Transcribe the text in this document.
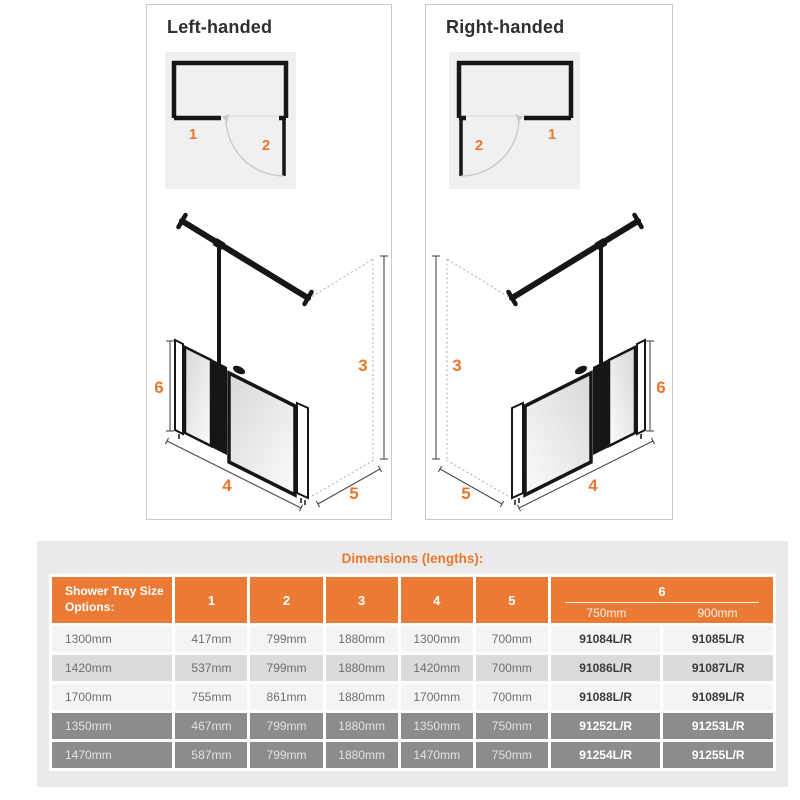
Left-handed
1
2
6
3
4	5
Right-handed
1
2
6
3
4
5
Dimensions (lengths):
Shower Tray Size Options:	1	2	3	4	5	6
750mm 900mm	

1300mm	417mm	799mm	1880mm	1300mm	700mm	91084L/R	91085L/R
1420mm	537mm	799mm	1880mm	1420mm	700mm	91086L/R	91087L/R
1700mm	755mm	861mm	1880mm	1700mm	700mm	91088L/R	91089L/R
1350mm	467mm	799mm	1880mm	1350mm	750mm	91252L/R	91253L/R
1470mm	587mm	799mm	1880mm	1470mm	750mm	91254L/R	91255L/R
